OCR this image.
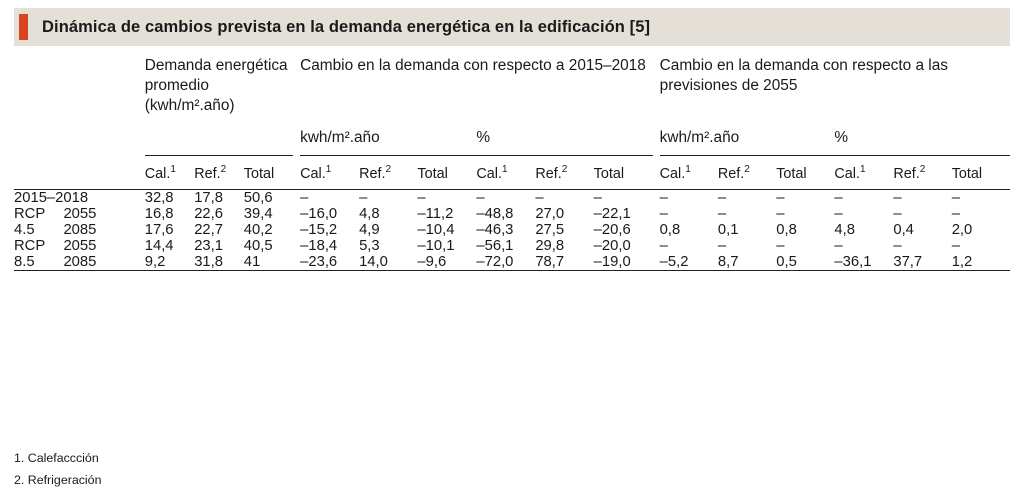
Dinámica de cambios prevista en la demanda energética en la edificación [5]
		Demanda energética promedio (kwh/m².año)				Cambio en la demanda con respecto a 2015–2018							Cambio en la demanda con respecto a las previsiones de 2055					
						kwh/m².año			%				kwh/m².año			%		
		Cal.$^1$	Ref.$^2$	Total		Cal.$^1$	Ref.$^2$	Total	Cal.$^1$	Ref.$^2$	Total		Cal.$^1$	Ref.$^2$	Total	Cal.$^1$	Ref.$^2$	Total
2015–2018		32,8	17,8	50,6		–	–	–	–	–	–		–	–	–	–	–	–
RCP 4.5	2055	16,8	22,6	39,4		–16,0	4,8	–11,2	–48,8	27,0	–22,1		–	–	–	–	–	–
	2085	17,6	22,7	40,2		–15,2	4,9	–10,4	–46,3	27,5	–20,6		0,8	0,1	0,8	4,8	0,4	2,0
RCP 8.5	2055	14,4	23,1	40,5		–18,4	5,3	–10,1	–56,1	29,8	–20,0		–	–	–	–	–	–
	2085	9,2	31,8	41		–23,6	14,0	–9,6	–72,0	78,7	–19,0		–5,2	8,7	0,5	–36,1	37,7	1,2
1. Calefaccción
2. Refrigeración
